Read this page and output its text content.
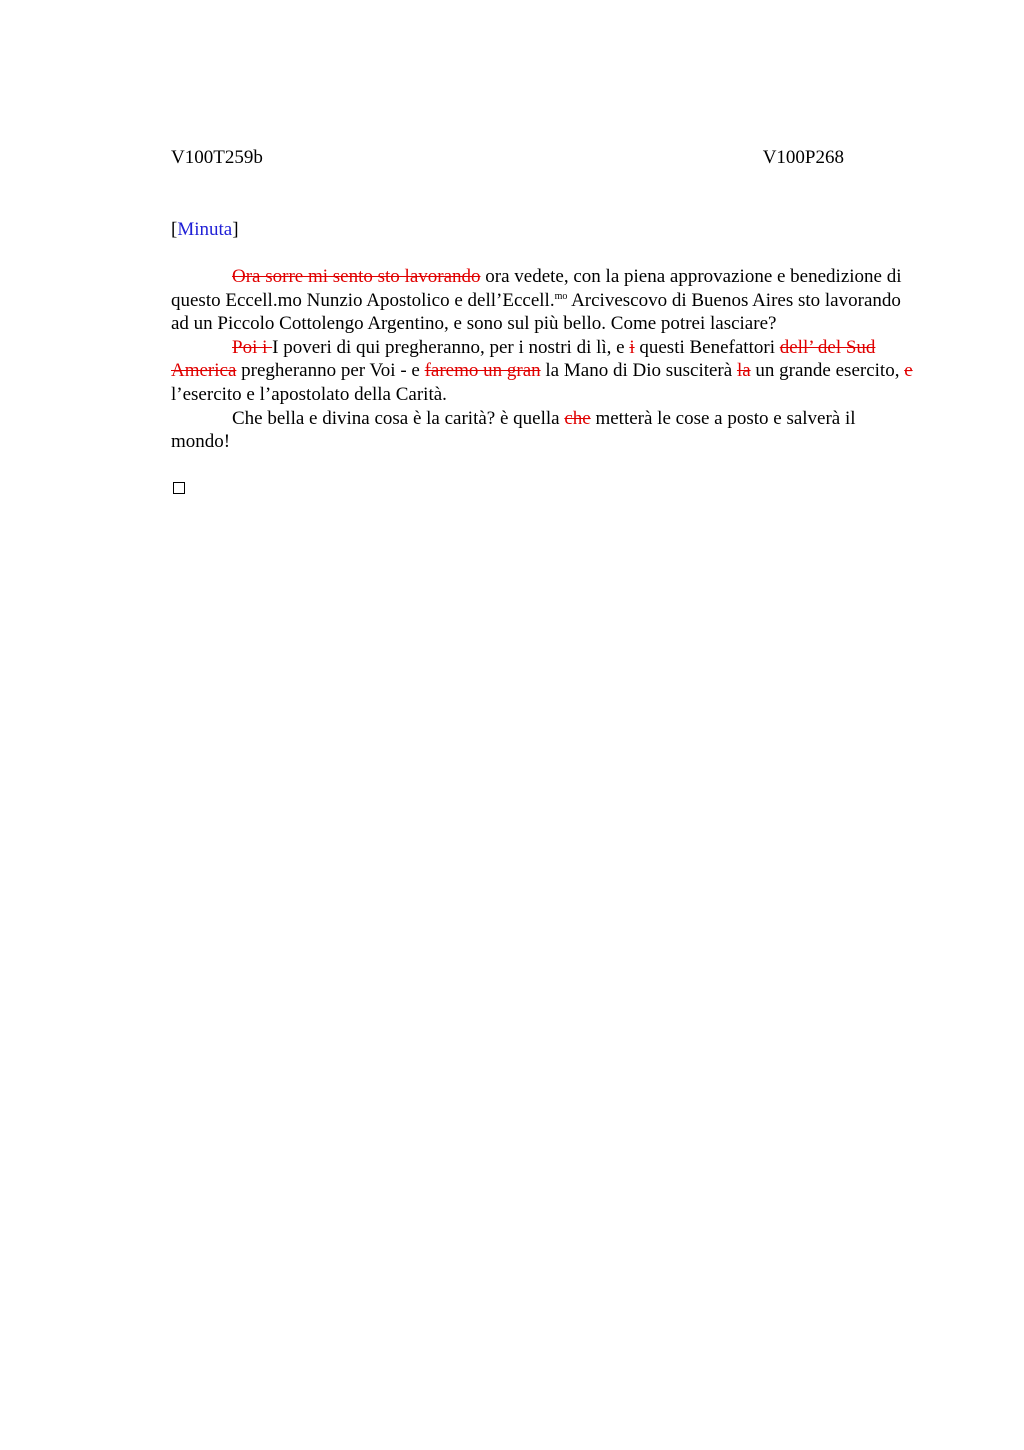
V100T259b	V100P268
[Minuta]

Ora sorre mi sento sto lavorando ora vedete, con la piena approvazione e benedizione di questo Eccell.mo Nunzio Apostolico e dell’Eccell.$^{mo}$ Arcivescovo di Buenos Aires sto lavorando ad un Piccolo Cottolengo Argentino, e sono sul più bello. Come potrei lasciare?

Poi i I poveri di qui pregheranno, per i nostri di lì, e i questi Benefattori dell’ del Sud America pregheranno per Voi - e faremo un gran la Mano di Dio susciterà la un grande esercito, e l’esercito e l’apostolato della Carità.

Che bella e divina cosa è la carità? è quella che metterà le cose a posto e salverà il mondo!
